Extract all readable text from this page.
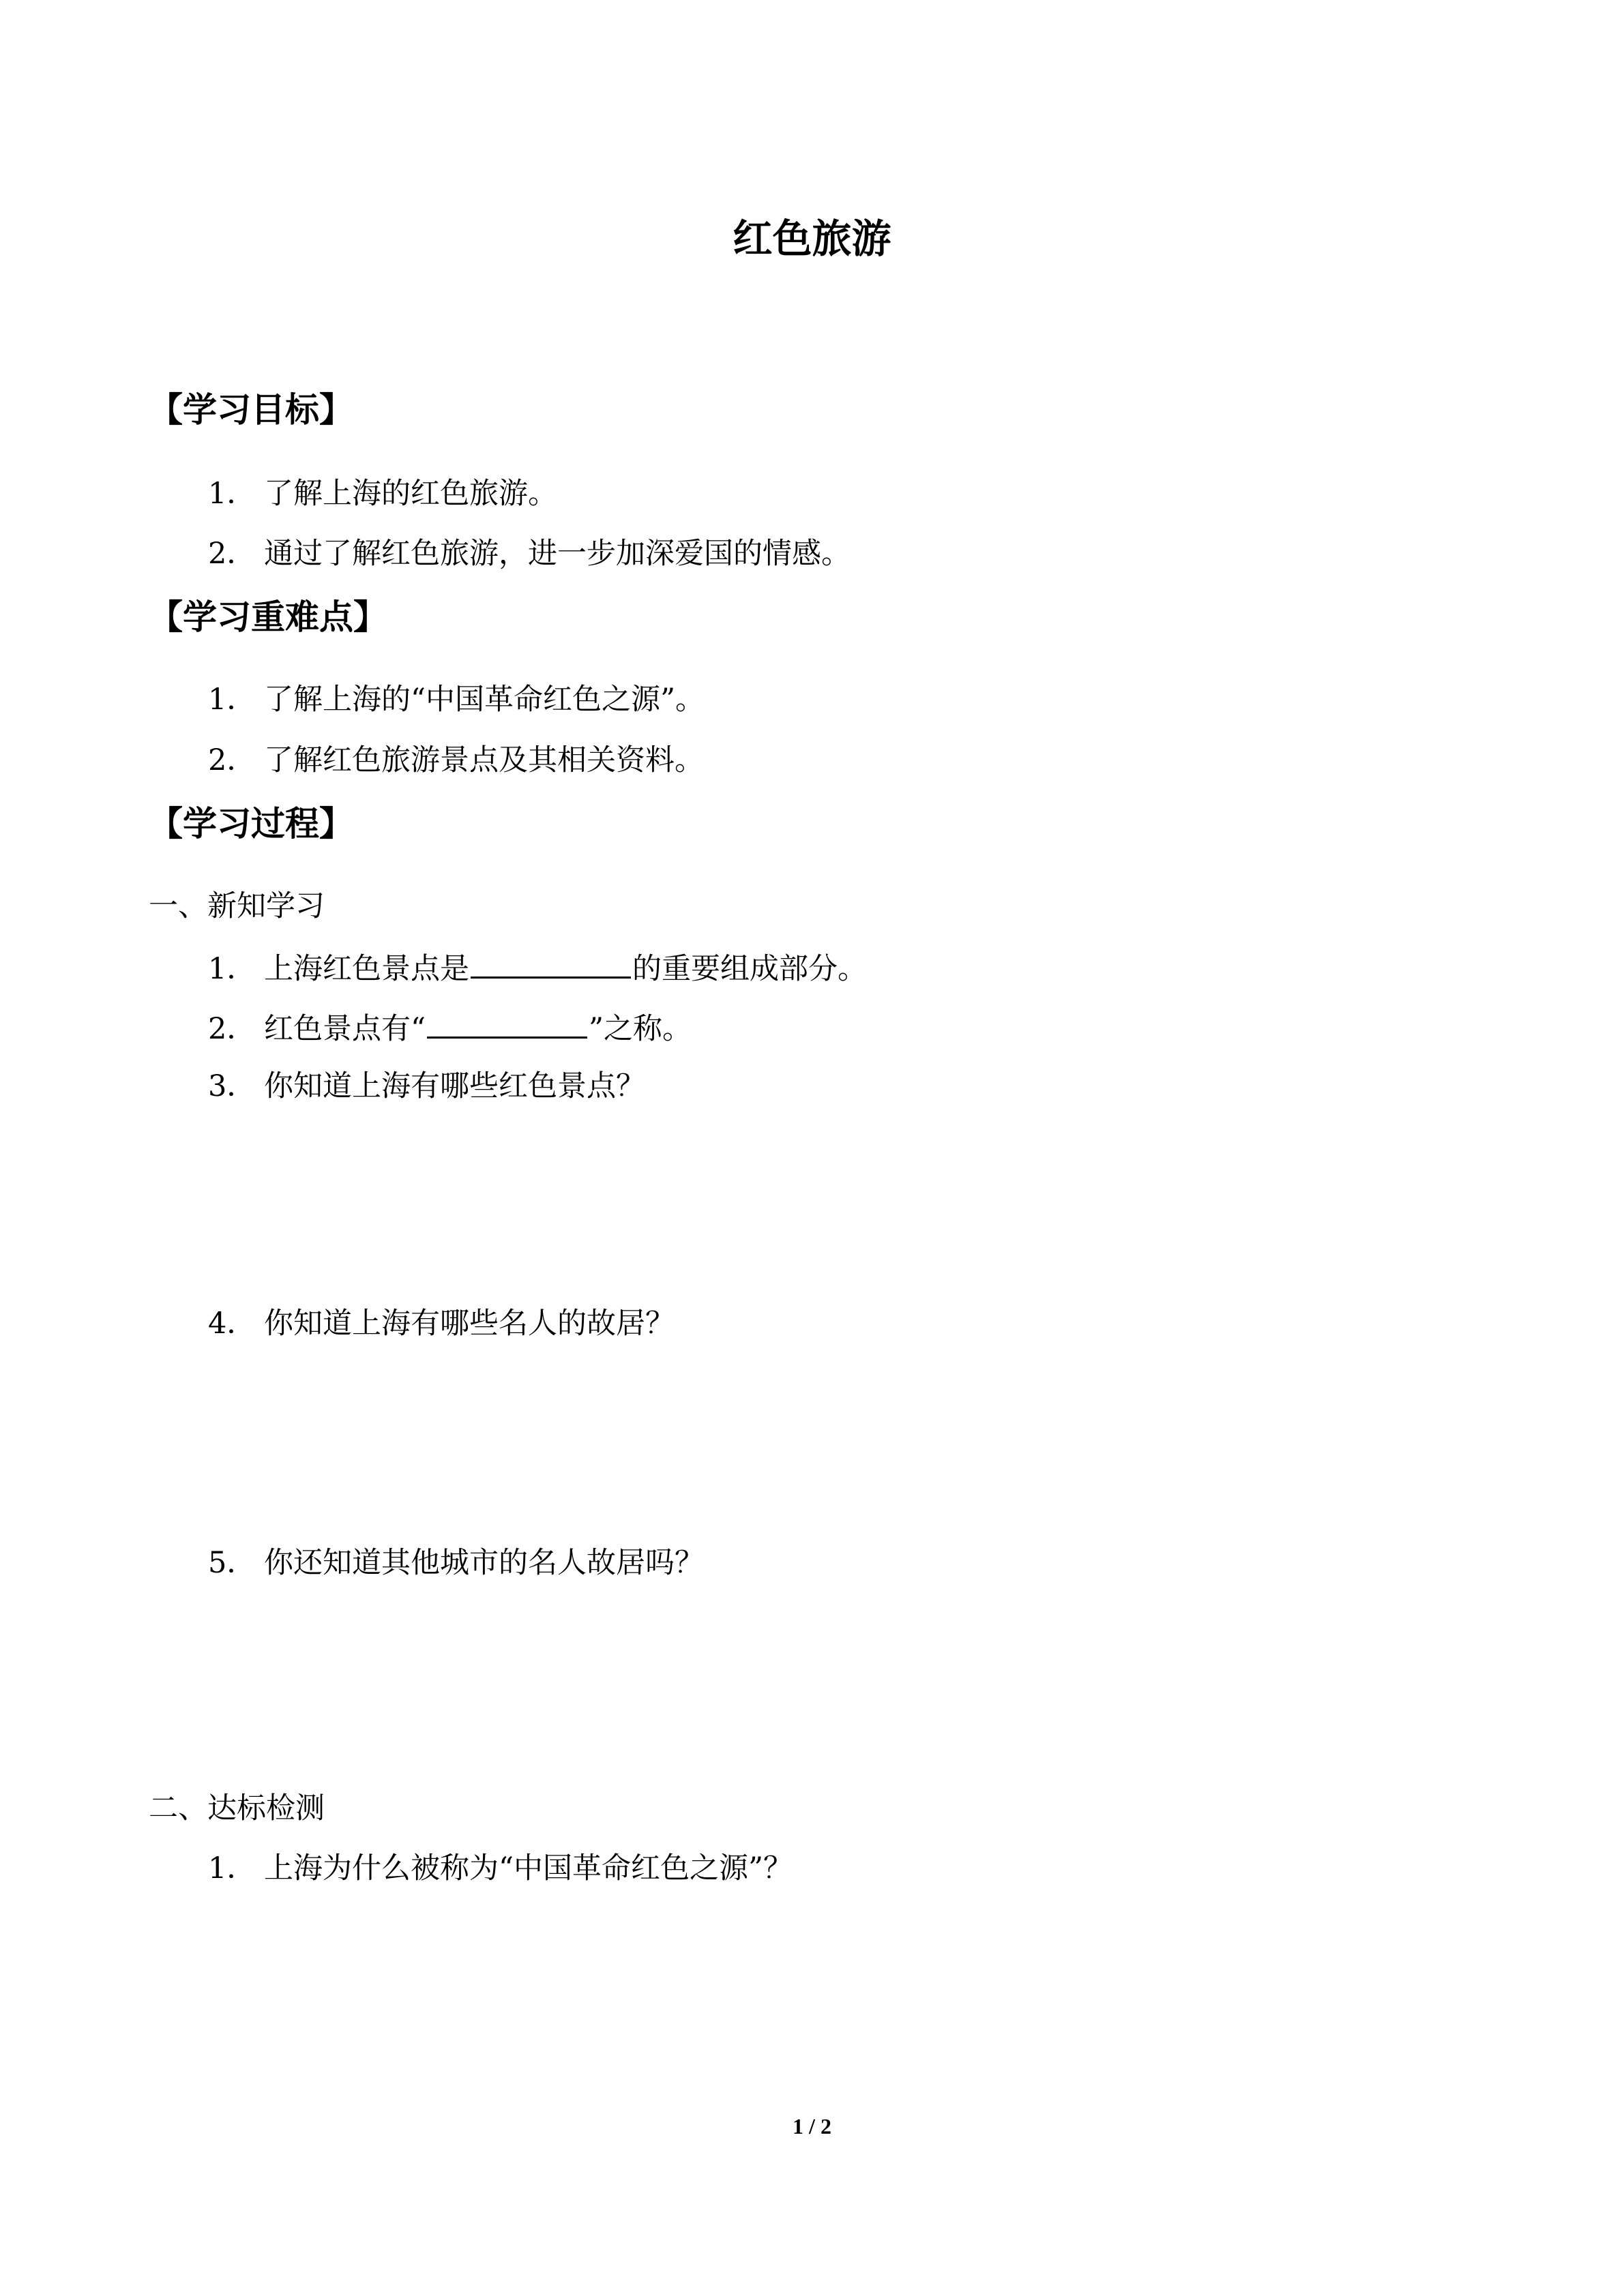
红色旅游
【学习目标】
1． 了解上海的红色旅游。
2． 通过了解红色旅游，进一步加深爱国的情感。
【学习重难点】
1． 了解上海的“中国革命红色之源”。
2． 了解红色旅游景点及其相关资料。
【学习过程】
一、新知学习
1． 上海红色景点是	的重要组成部分。
2． 红色景点有“	”之称。
3． 你知道上海有哪些红色景点？
4． 你知道上海有哪些名人的故居？
5． 你还知道其他城市的名人故居吗？
二、达标检测
1． 上海为什么被称为“中国革命红色之源”？
1 / 2
